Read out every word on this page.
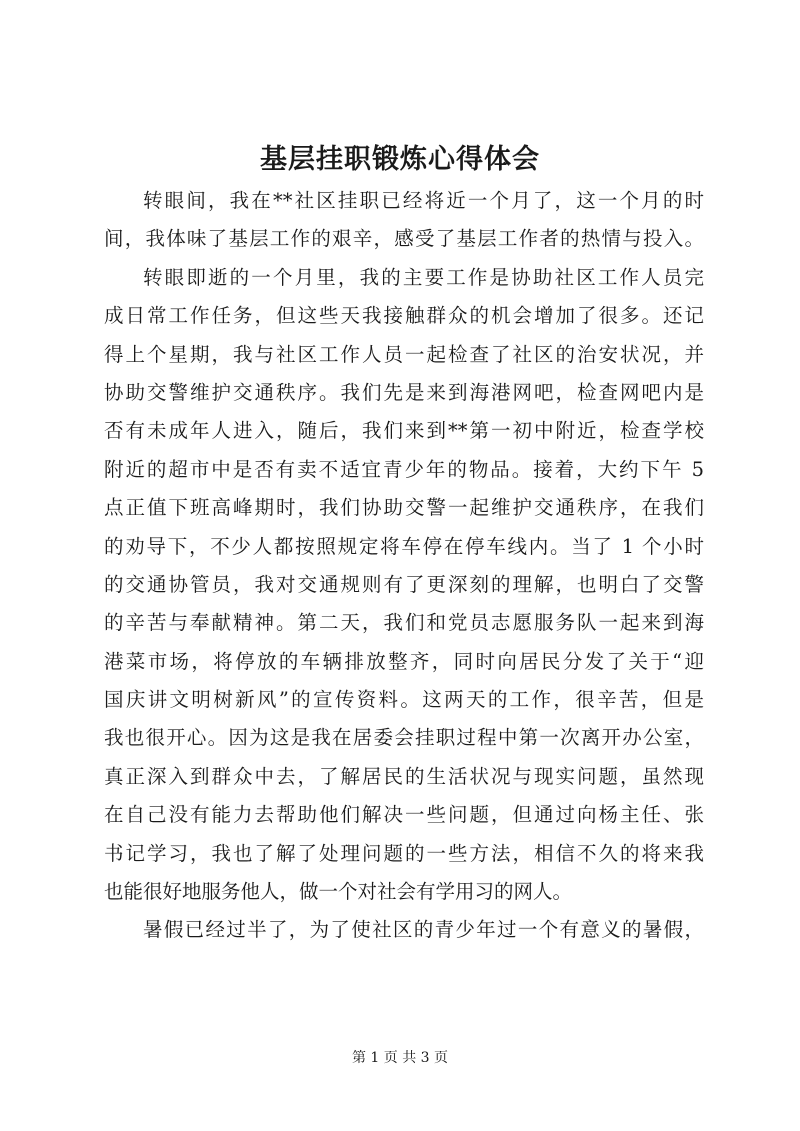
基层挂职锻炼心得体会
转眼间，我在**社区挂职已经将近一个月了，这一个月的时
间，我体味了基层工作的艰辛，感受了基层工作者的热情与投入。
转眼即逝的一个月里，我的主要工作是协助社区工作人员完
成日常工作任务，但这些天我接触群众的机会增加了很多。还记
得上个星期，我与社区工作人员一起检查了社区的治安状况，并
协助交警维护交通秩序。我们先是来到海港网吧，检查网吧内是
否有未成年人进入，随后，我们来到**第一初中附近，检查学校
附近的超市中是否有卖不适宜青少年的物品。接着，大约下午 5
点正值下班高峰期时，我们协助交警一起维护交通秩序，在我们
的劝导下，不少人都按照规定将车停在停车线内。当了 1 个小时
的交通协管员，我对交通规则有了更深刻的理解，也明白了交警
的辛苦与奉献精神。第二天，我们和党员志愿服务队一起来到海
港菜市场，将停放的车辆排放整齐，同时向居民分发了关于“迎
国庆讲文明树新风”的宣传资料。这两天的工作，很辛苦，但是
我也很开心。因为这是我在居委会挂职过程中第一次离开办公室，
真正深入到群众中去，了解居民的生活状况与现实问题，虽然现
在自己没有能力去帮助他们解决一些问题，但通过向杨主任、张
书记学习，我也了解了处理问题的一些方法，相信不久的将来我
也能很好地服务他人，做一个对社会有学用习的网人。
暑假已经过半了，为了使社区的青少年过一个有意义的暑假，
第 1 页 共 3 页
